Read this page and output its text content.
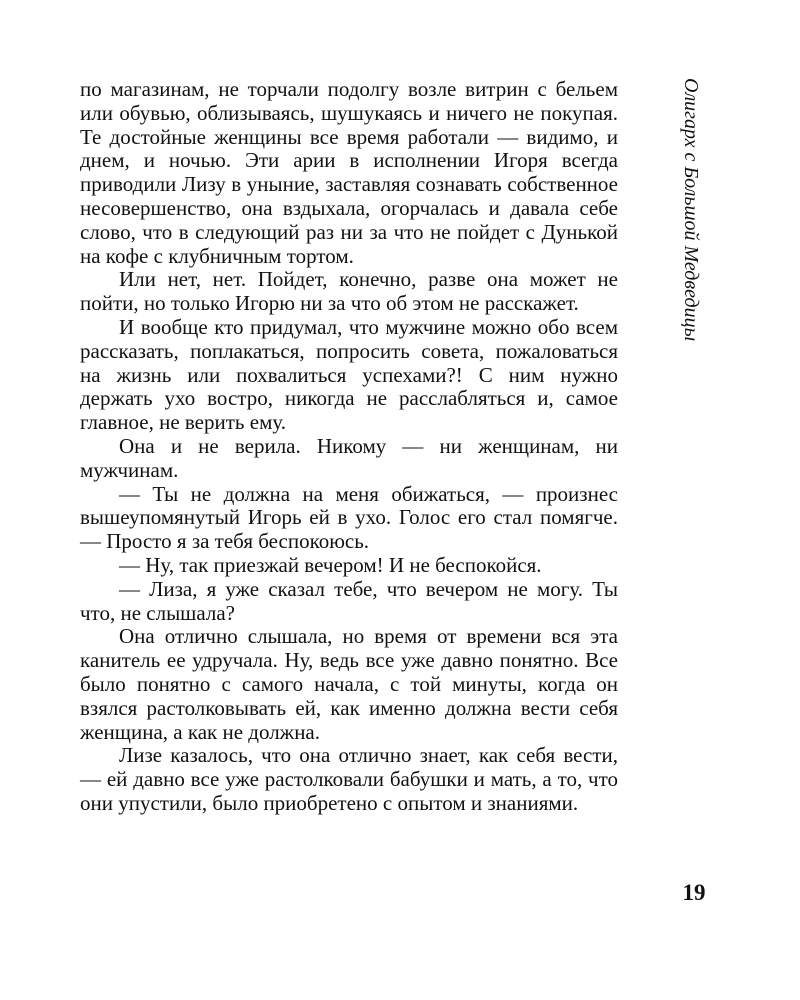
по магазинам, не торчали подолгу возле витрин с бельем или обувью, облизываясь, шушукаясь и ничего не покупая. Те достойные женщины все время работали — видимо, и днем, и ночью. Эти арии в исполнении Игоря всегда приводили Лизу в уныние, заставляя сознавать собственное несовершенство, она вздыхала, огорчалась и давала себе слово, что в следующий раз ни за что не пойдет с Дунькой на кофе с клубничным тортом.

Или нет, нет. Пойдет, конечно, разве она может не пойти, но только Игорю ни за что об этом не расскажет.

И вообще кто придумал, что мужчине можно обо всем рассказать, поплакаться, попросить совета, пожаловаться на жизнь или похвалиться успехами?! С ним нужно держать ухо востро, никогда не расслабляться и, самое главное, не верить ему.

Она и не верила. Никому — ни женщинам, ни мужчинам.

— Ты не должна на меня обижаться, — произнес вышеупомянутый Игорь ей в ухо. Голос его стал помягче. — Просто я за тебя беспокоюсь.

— Ну, так приезжай вечером! И не беспокойся.

— Лиза, я уже сказал тебе, что вечером не могу. Ты что, не слышала?

Она отлично слышала, но время от времени вся эта канитель ее удручала. Ну, ведь все уже давно понятно. Все было понятно с самого начала, с той минуты, когда он взялся растолковывать ей, как именно должна вести себя женщина, а как не должна.

Лизе казалось, что она отлично знает, как себя вести, — ей давно все уже растолковали бабушки и мать, а то, что они упустили, было приобретено с опытом и знаниями.

Олигарх с Большой Медведицы
19
